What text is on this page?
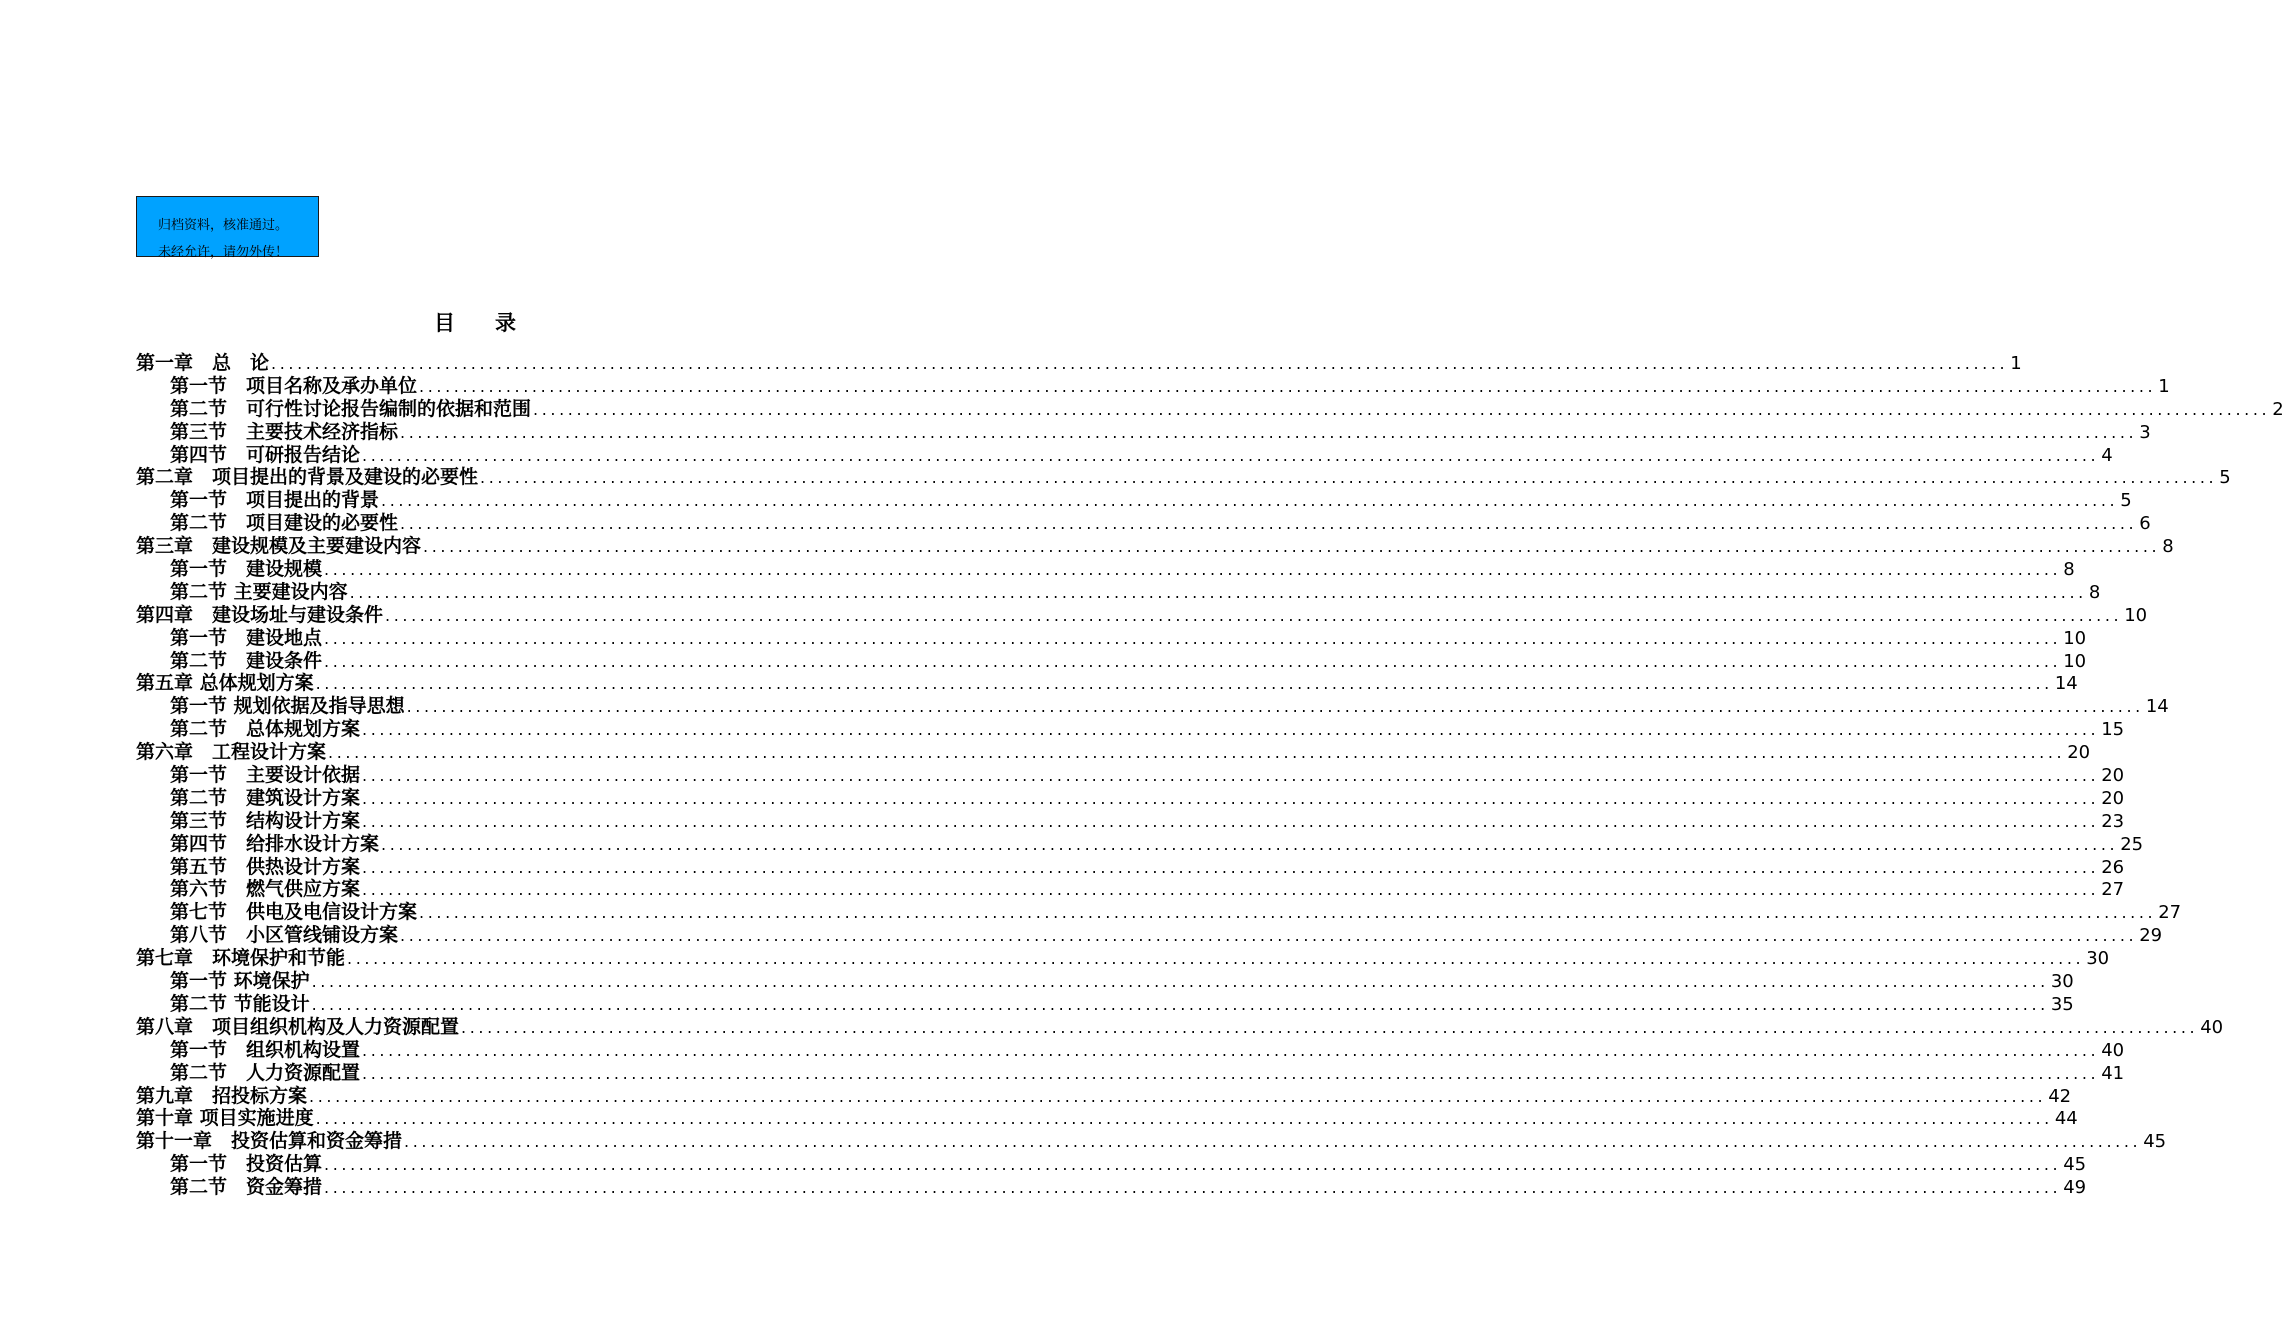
归档资料，核准通过。
未经允许，请勿外传！
目录
第一章　总　论 ........................................................................................................................................................................................................ 1
第一节　项目名称及承办单位 ........................................................................................................................................................................................................ 1
第二节　可行性讨论报告编制的依据和范围 ........................................................................................................................................................................................................ 2
第三节　主要技术经济指标 ........................................................................................................................................................................................................ 3
第四节　可研报告结论 ........................................................................................................................................................................................................ 4
第二章　项目提出的背景及建设的必要性 ........................................................................................................................................................................................................ 5
第一节　项目提出的背景 ........................................................................................................................................................................................................ 5
第二节　项目建设的必要性 ........................................................................................................................................................................................................ 6
第三章　建设规模及主要建设内容 ........................................................................................................................................................................................................ 8
第一节　建设规模 ........................................................................................................................................................................................................ 8
第二节 主要建设内容 ........................................................................................................................................................................................................ 8
第四章　建设场址与建设条件 ........................................................................................................................................................................................................ 10
第一节　建设地点 ........................................................................................................................................................................................................ 10
第二节　建设条件 ........................................................................................................................................................................................................ 10
第五章 总体规划方案 ........................................................................................................................................................................................................ 14
第一节 规划依据及指导思想 ........................................................................................................................................................................................................ 14
第二节　总体规划方案 ........................................................................................................................................................................................................ 15
第六章　工程设计方案 ........................................................................................................................................................................................................ 20
第一节　主要设计依据 ........................................................................................................................................................................................................ 20
第二节　建筑设计方案 ........................................................................................................................................................................................................ 20
第三节　结构设计方案 ........................................................................................................................................................................................................ 23
第四节　给排水设计方案 ........................................................................................................................................................................................................ 25
第五节　供热设计方案 ........................................................................................................................................................................................................ 26
第六节　燃气供应方案 ........................................................................................................................................................................................................ 27
第七节　供电及电信设计方案 ........................................................................................................................................................................................................ 27
第八节　小区管线铺设方案 ........................................................................................................................................................................................................ 29
第七章　环境保护和节能 ........................................................................................................................................................................................................ 30
第一节 环境保护 ........................................................................................................................................................................................................ 30
第二节 节能设计 ........................................................................................................................................................................................................ 35
第八章　项目组织机构及人力资源配置 ........................................................................................................................................................................................................ 40
第一节　组织机构设置 ........................................................................................................................................................................................................ 40
第二节　人力资源配置 ........................................................................................................................................................................................................ 41
第九章　招投标方案 ........................................................................................................................................................................................................ 42
第十章 项目实施进度 ........................................................................................................................................................................................................ 44
第十一章　投资估算和资金筹措 ........................................................................................................................................................................................................ 45
第一节　投资估算 ........................................................................................................................................................................................................ 45
第二节　资金筹措 ........................................................................................................................................................................................................ 49
